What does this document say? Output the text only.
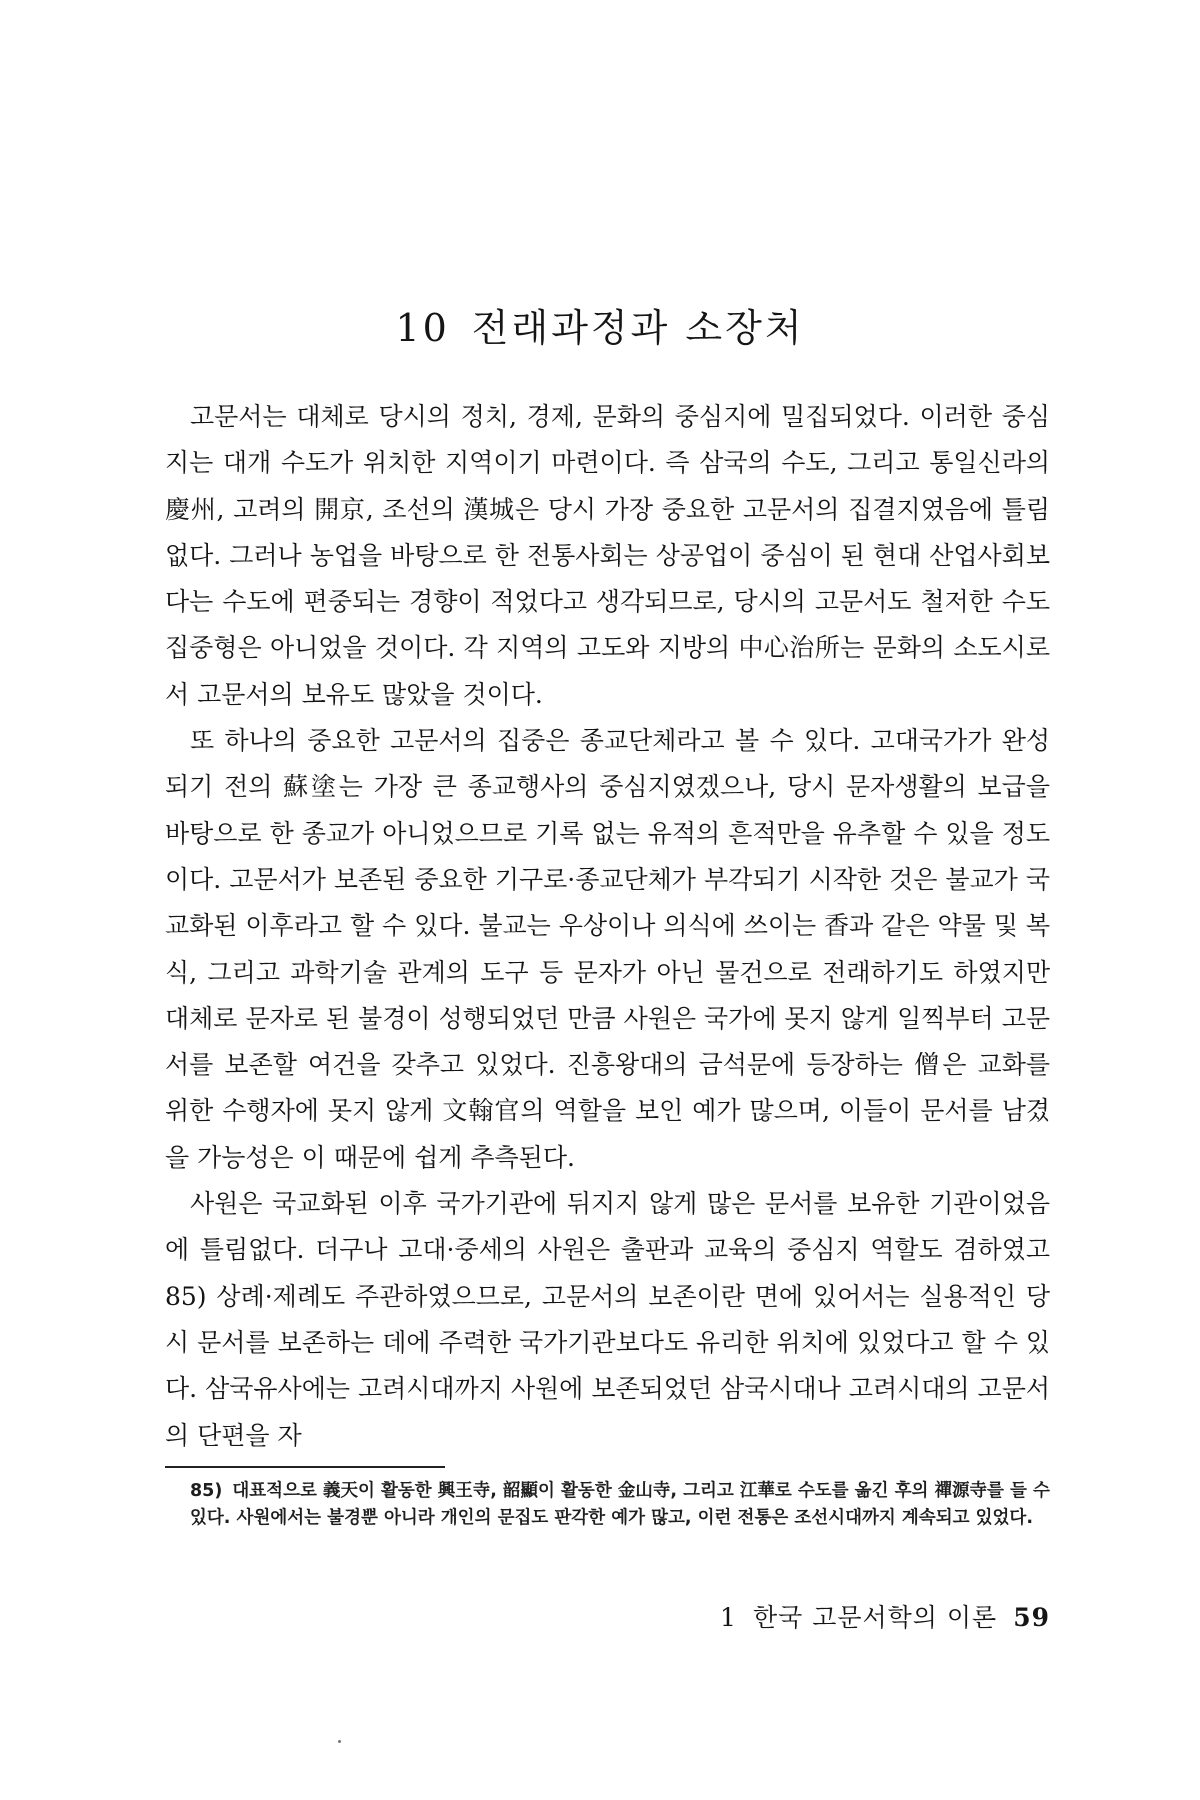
10 전래과정과 소장처

고문서는 대체로 당시의 정치, 경제, 문화의 중심지에 밀집되었다. 이러한 중심지는 대개 수도가 위치한 지역이기 마련이다. 즉 삼국의 수도, 그리고 통일신라의 慶州, 고려의 開京, 조선의 漢城은 당시 가장 중요한 고문서의 집결지였음에 틀림없다. 그러나 농업을 바탕으로 한 전통사회는 상공업이 중심이 된 현대 산업사회보다는 수도에 편중되는 경향이 적었다고 생각되므로, 당시의 고문서도 철저한 수도 집중형은 아니었을 것이다. 각 지역의 고도와 지방의 中心治所는 문화의 소도시로서 고문서의 보유도 많았을 것이다.

또 하나의 중요한 고문서의 집중은 종교단체라고 볼 수 있다. 고대국가가 완성되기 전의 蘇塗는 가장 큰 종교행사의 중심지였겠으나, 당시 문자생활의 보급을 바탕으로 한 종교가 아니었으므로 기록 없는 유적의 흔적만을 유추할 수 있을 정도이다. 고문서가 보존된 중요한 기구로·종교단체가 부각되기 시작한 것은 불교가 국교화된 이후라고 할 수 있다. 불교는 우상이나 의식에 쓰이는 香과 같은 약물 및 복식, 그리고 과학기술 관계의 도구 등 문자가 아닌 물건으로 전래하기도 하였지만 대체로 문자로 된 불경이 성행되었던 만큼 사원은 국가에 못지 않게 일찍부터 고문서를 보존할 여건을 갖추고 있었다. 진흥왕대의 금석문에 등장하는 僧은 교화를 위한 수행자에 못지 않게 文翰官의 역할을 보인 예가 많으며, 이들이 문서를 남겼을 가능성은 이 때문에 쉽게 추측된다.

사원은 국교화된 이후 국가기관에 뒤지지 않게 많은 문서를 보유한 기관이었음에 틀림없다. 더구나 고대·중세의 사원은 출판과 교육의 중심지 역할도 겸하였고85) 상례·제례도 주관하였으므로, 고문서의 보존이란 면에 있어서는 실용적인 당시 문서를 보존하는 데에 주력한 국가기관보다도 유리한 위치에 있었다고 할 수 있다. 삼국유사에는 고려시대까지 사원에 보존되었던 삼국시대나 고려시대의 고문서의 단편을 자

85) 대표적으로 義天이 활동한 興王寺, 韶顯이 활동한 金山寺, 그리고 江華로 수도를 옮긴 후의 禪源寺를 들 수 있다. 사원에서는 불경뿐 아니라 개인의 문집도 판각한 예가 많고, 이런 전통은 조선시대까지 계속되고 있었다.
1 한국 고문서학의 이론 59
